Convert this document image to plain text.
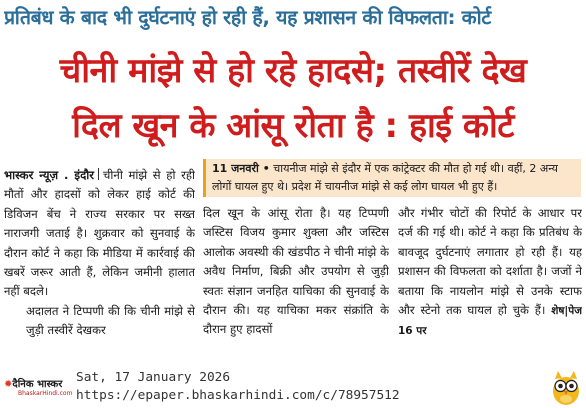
प्रतिबंध के बाद भी दुर्घटनाएं हो रही हैं, यह प्रशासन की विफलता: कोर्ट
चीनी मांझे से हो रहे हादसे; तस्वीरें देख
दिल खून के आंसू रोता है : हाई कोर्ट

भास्कर न्यूज़ . इंदौर चीनी मांझे से हो रही मौतों और हादसों को लेकर हाई कोर्ट की डिविजन बेंच ने राज्य सरकार पर सख्त नाराजगी जताई है। शुक्रवार को सुनवाई के दौरान कोर्ट ने कहा कि मीडिया में कार्रवाई की खबरें जरूर आती हैं, लेकिन जमीनी हालात नहीं बदले।

अदालत ने टिप्पणी की कि चीनी मांझे से जुड़ी तस्वीरें देखकर

11 जनवरी • चायनीज मांझे से इंदौर में एक कांट्रेक्टर की मौत हो गई थी। वहीं, 2 अन्य लोगों घायल हुए थे। प्रदेश में चायनीज मांझे से कई लोग घायल भी हुए हैं।

दिल खून के आंसू रोता है। यह टिप्पणी जस्टिस विजय कुमार शुक्ला और जस्टिस आलोक अवस्थी की खंडपीठ ने चीनी मांझे के अवैध निर्माण, बिक्री और उपयोग से जुड़ी स्वतः संज्ञान जनहित याचिका की सुनवाई के दौरान की। यह याचिका मकर संक्रांति के दौरान हुए हादसों

और गंभीर चोटों की रिपोर्ट के आधार पर दर्ज की गई थी। कोर्ट ने कहा कि प्रतिबंध के बावजूद दुर्घटनाएं लगातार हो रही हैं। यह प्रशासन की विफलता को दर्शाता है। जजों ने बताया कि नायलोन मांझे से उनके स्टाफ और स्टेनो तक घायल हो चुके हैं। शेष|पेज 16 पर

✹दैनिक भास्कर
BhaskarHindi.com
Sat, 17 January 2026
https://epaper.bhaskarhindi.com/c/78957512
